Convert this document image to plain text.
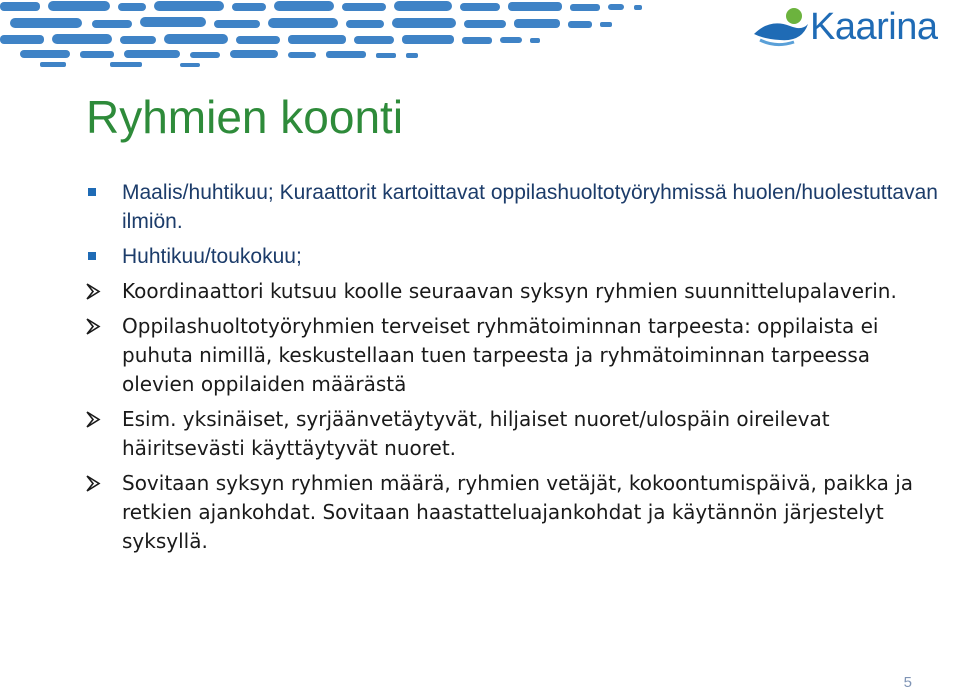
Kaarina
Ryhmien koonti
Maalis/huhtikuu; Kuraattorit kartoittavat oppilashuoltotyöryhmissä huolen/huolestuttavan ilmiön.
Huhtikuu/toukokuu;
Koordinaattori kutsuu koolle seuraavan syksyn ryhmien suunnittelupalaverin.
Oppilashuoltotyöryhmien terveiset ryhmätoiminnan tarpeesta: oppilaista ei puhuta nimillä, keskustellaan tuen tarpeesta ja ryhmätoiminnan tarpeessa olevien oppilaiden määrästä
Esim. yksinäiset, syrjäänvetäytyvät, hiljaiset nuoret/ulospäin oireilevat häiritsevästi käyttäytyvät nuoret.
Sovitaan syksyn ryhmien määrä, ryhmien vetäjät, kokoontumispäivä, paikka ja retkien ajankohdat. Sovitaan haastatteluajankohdat ja käytännön järjestelyt syksyllä.
5
